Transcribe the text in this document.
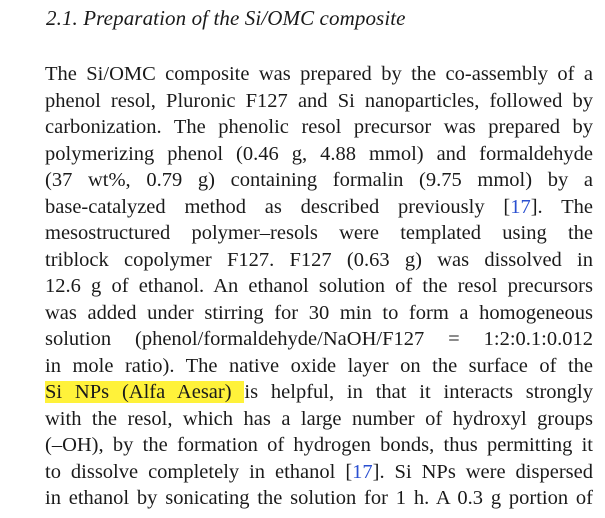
2.1. Preparation of the Si/OMC composite
The Si/OMC composite was prepared by the co-assembly of a
phenol resol, Pluronic F127 and Si nanoparticles, followed by
carbonization. The phenolic resol precursor was prepared by
polymerizing phenol (0.46 g, 4.88 mmol) and formaldehyde
(37 wt%, 0.79 g) containing formalin (9.75 mmol) by a
base-catalyzed method as described previously [17]. The
mesostructured polymer–resols were templated using the
triblock copolymer F127. F127 (0.63 g) was dissolved in
12.6 g of ethanol. An ethanol solution of the resol precursors
was added under stirring for 30 min to form a homogeneous
solution (phenol/formaldehyde/NaOH/F127 = 1:2:0.1:0.012
in mole ratio). The native oxide layer on the surface of the
Si NPs (Alfa Aesar) is helpful, in that it interacts strongly
with the resol, which has a large number of hydroxyl groups
(–OH), by the formation of hydrogen bonds, thus permitting it
to dissolve completely in ethanol [17]. Si NPs were dispersed
in ethanol by sonicating the solution for 1 h. A 0.3 g portion of
